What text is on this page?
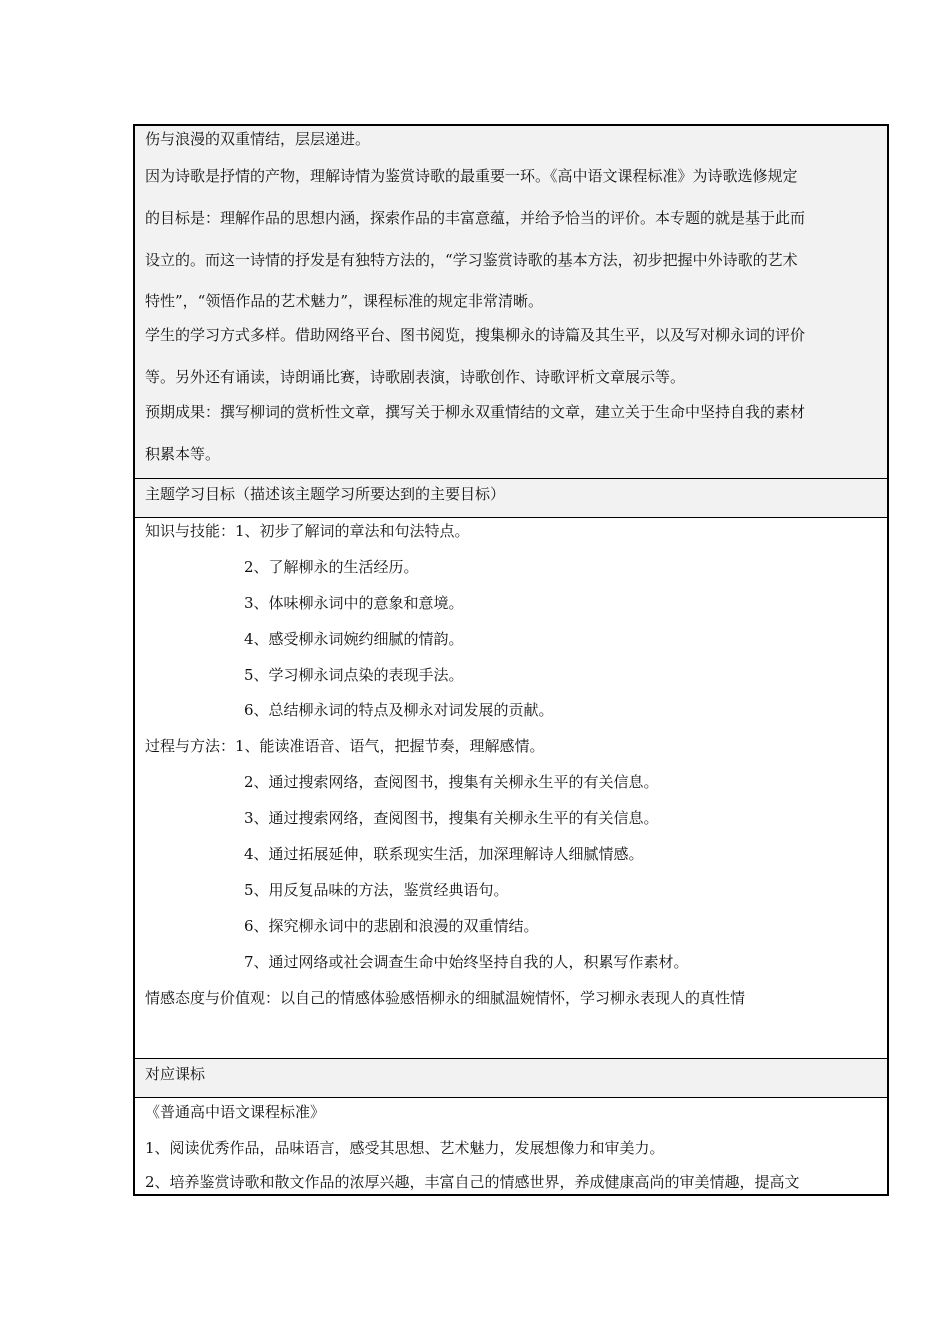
伤与浪漫的双重情结，层层递进。
因为诗歌是抒情的产物，理解诗情为鉴赏诗歌的最重要一环。《高中语文课程标准》为诗歌选修规定
的目标是：理解作品的思想内涵，探索作品的丰富意蕴，并给予恰当的评价。本专题的就是基于此而
设立的。而这一诗情的抒发是有独特方法的，“学习鉴赏诗歌的基本方法，初步把握中外诗歌的艺术
特性”，“领悟作品的艺术魅力”，课程标准的规定非常清晰。
学生的学习方式多样。借助网络平台、图书阅览，搜集柳永的诗篇及其生平，以及写对柳永词的评价
等。另外还有诵读，诗朗诵比赛，诗歌剧表演，诗歌创作、诗歌评析文章展示等。
预期成果：撰写柳词的赏析性文章，撰写关于柳永双重情结的文章，建立关于生命中坚持自我的素材
积累本等。
主题学习目标（描述该主题学习所要达到的主要目标）
知识与技能：1、初步了解词的章法和句法特点。
2、了解柳永的生活经历。
3、体味柳永词中的意象和意境。
4、感受柳永词婉约细腻的情韵。
5、学习柳永词点染的表现手法。
6、总结柳永词的特点及柳永对词发展的贡献。
过程与方法：1、能读准语音、语气，把握节奏，理解感情。
2、通过搜索网络，查阅图书，搜集有关柳永生平的有关信息。
3、通过搜索网络，查阅图书，搜集有关柳永生平的有关信息。
4、通过拓展延伸，联系现实生活，加深理解诗人细腻情感。
5、用反复品味的方法，鉴赏经典语句。
6、探究柳永词中的悲剧和浪漫的双重情结。
7、通过网络或社会调查生命中始终坚持自我的人，积累写作素材。
情感态度与价值观：以自己的情感体验感悟柳永的细腻温婉情怀，学习柳永表现人的真性情
对应课标
《普通高中语文课程标准》
1、阅读优秀作品，品味语言，感受其思想、艺术魅力，发展想像力和审美力。
2、培养鉴赏诗歌和散文作品的浓厚兴趣，丰富自己的情感世界，养成健康高尚的审美情趣，提高文
